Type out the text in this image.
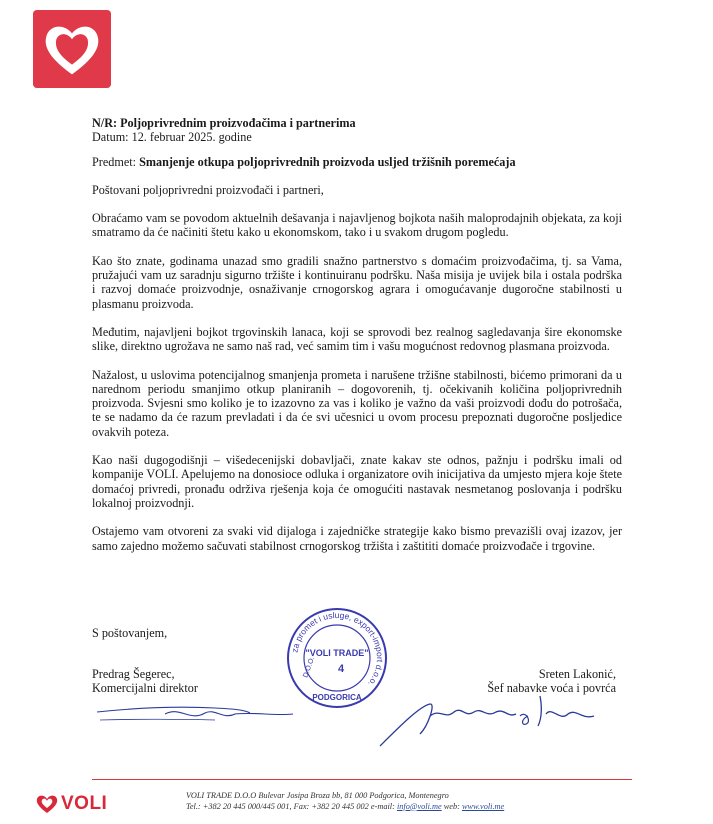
N/R: Poljoprivrednim proizvođačima i partnerima
Datum: 12. februar 2025. godine
Predmet: Smanjenje otkupa poljoprivrednih proizvoda usljed tržišnih poremećaja
Poštovani poljoprivredni proizvođači i partneri,

Obraćamo vam se povodom aktuelnih dešavanja i najavljenog bojkota naših maloprodajnih objekata, za koji smatramo da će načiniti štetu kako u ekonomskom, tako i u svakom drugom pogledu.

Kao što znate, godinama unazad smo gradili snažno partnerstvo s domaćim proizvođačima, tj. sa Vama, pružajući vam uz saradnju sigurno tržište i kontinuiranu podršku. Naša misija je uvijek bila i ostala podrška i razvoj domaće proizvodnje, osnaživanje crnogorskog agrara i omogućavanje dugoročne stabilnosti u plasmanu proizvoda.

Međutim, najavljeni bojkot trgovinskih lanaca, koji se sprovodi bez realnog sagledavanja šire ekonomske slike, direktno ugrožava ne samo naš rad, već samim tim i vašu mogućnost redovnog plasmana proizvoda.

Nažalost, u uslovima potencijalnog smanjenja prometa i narušene tržišne stabilnosti, bićemo primorani da u narednom periodu smanjimo otkup planiranih – dogovorenih, tj. očekivanih količina poljoprivrednih proizvoda. Svjesni smo koliko je to izazovno za vas i koliko je važno da vaši proizvodi dođu do potrošača, te se nadamo da će razum prevladati i da će svi učesnici u ovom procesu prepoznati dugoročne posljedice ovakvih poteza.

Kao naši dugogodišnji – višedecenijski dobavljači, znate kakav ste odnos, pažnju i podršku imali od kompanije VOLI. Apelujemo na donosioce odluka i organizatore ovih inicijativa da umjesto mjera koje štete domaćoj privredi, pronađu održiva rješenja koja će omogućiti nastavak nesmetanog poslovanja i podršku lokalnoj proizvodnji.

Ostajemo vam otvoreni za svaki vid dijaloga i zajedničke strategije kako bismo prevazišli ovaj izazov, jer samo zajedno možemo sačuvati stabilnost crnogorskog tržišta i zaštititi domaće proizvođače i trgovine.

S poštovanjem,
Predrag Šegerec,
Komercijalni direktor
Sreten Lakonić,
Šef nabavke voća i povrća
za promet i usluge, export-import d.o.o.
D.O.O.
"VOLI TRADE"
4
PODGORICA
VOLI	VOLI TRADE D.O.O Bulevar Josipa Broza bb, 81 000 Podgorica, Montenegro
Tel.: +382 20 445 000/445 001, Fax: +382 20 445 002 e-mail: info@voli.me web: www.voli.me
